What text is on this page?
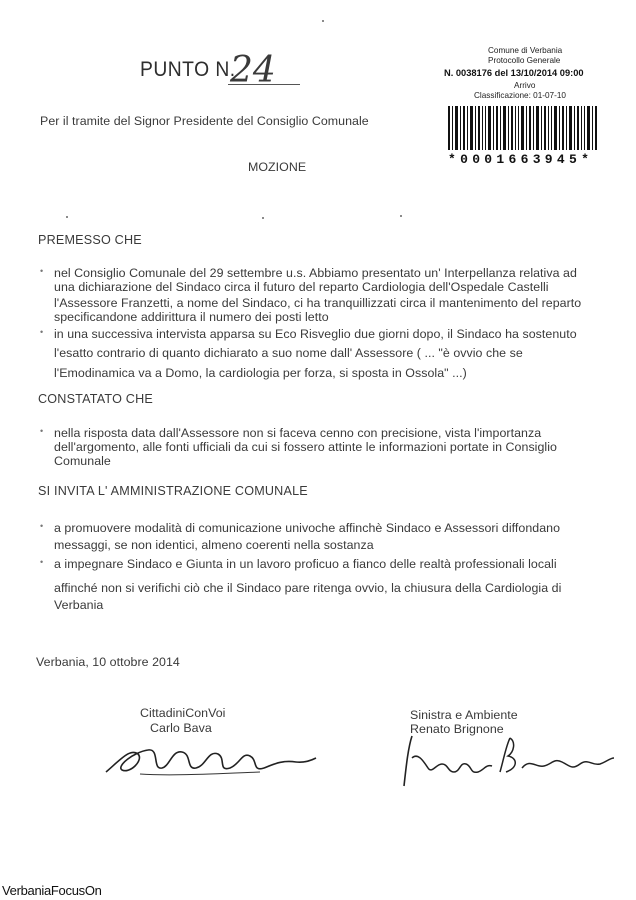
PUNTO N.
24
Per il tramite del Signor Presidente del Consiglio Comunale
MOZIONE
Comune di Verbania
Protocollo Generale
N. 0038176 del 13/10/2014 09:00
Arrivo
Classificazione: 01-07-10
*0001663945*
PREMESSO CHE
• nel Consiglio Comunale del 29 settembre u.s. Abbiamo presentato un' Interpellanza relativa ad
una dichiarazione del Sindaco circa il futuro del reparto Cardiologia dell'Ospedale Castelli
l'Assessore Franzetti, a nome del Sindaco, ci ha tranquillizzati circa il mantenimento del reparto
specificandone addirittura il numero dei posti letto
• in una successiva intervista apparsa su Eco Risveglio due giorni dopo, il Sindaco ha sostenuto
l'esatto contrario di quanto dichiarato a suo nome dall' Assessore ( ... "è ovvio che se
l'Emodinamica va a Domo, la cardiologia per forza, si sposta in Ossola" ...)
CONSTATATO CHE
• nella risposta data dall'Assessore non si faceva cenno con precisione, vista l'importanza
dell'argomento, alle fonti ufficiali da cui si fossero attinte le informazioni portate in Consiglio
Comunale
SI INVITA L' AMMINISTRAZIONE COMUNALE
• a promuovere modalità di comunicazione univoche affinchè Sindaco e Assessori diffondano
messaggi, se non identici, almeno coerenti nella sostanza
• a impegnare Sindaco e Giunta in un lavoro proficuo a fianco delle realtà professionali locali
affinché non si verifichi ciò che il Sindaco pare ritenga ovvio, la chiusura della Cardiologia di
Verbania
Verbania, 10 ottobre 2014
CittadiniConVoi
Carlo Bava
Sinistra e Ambiente
Renato Brignone
VerbaniaFocusOn
